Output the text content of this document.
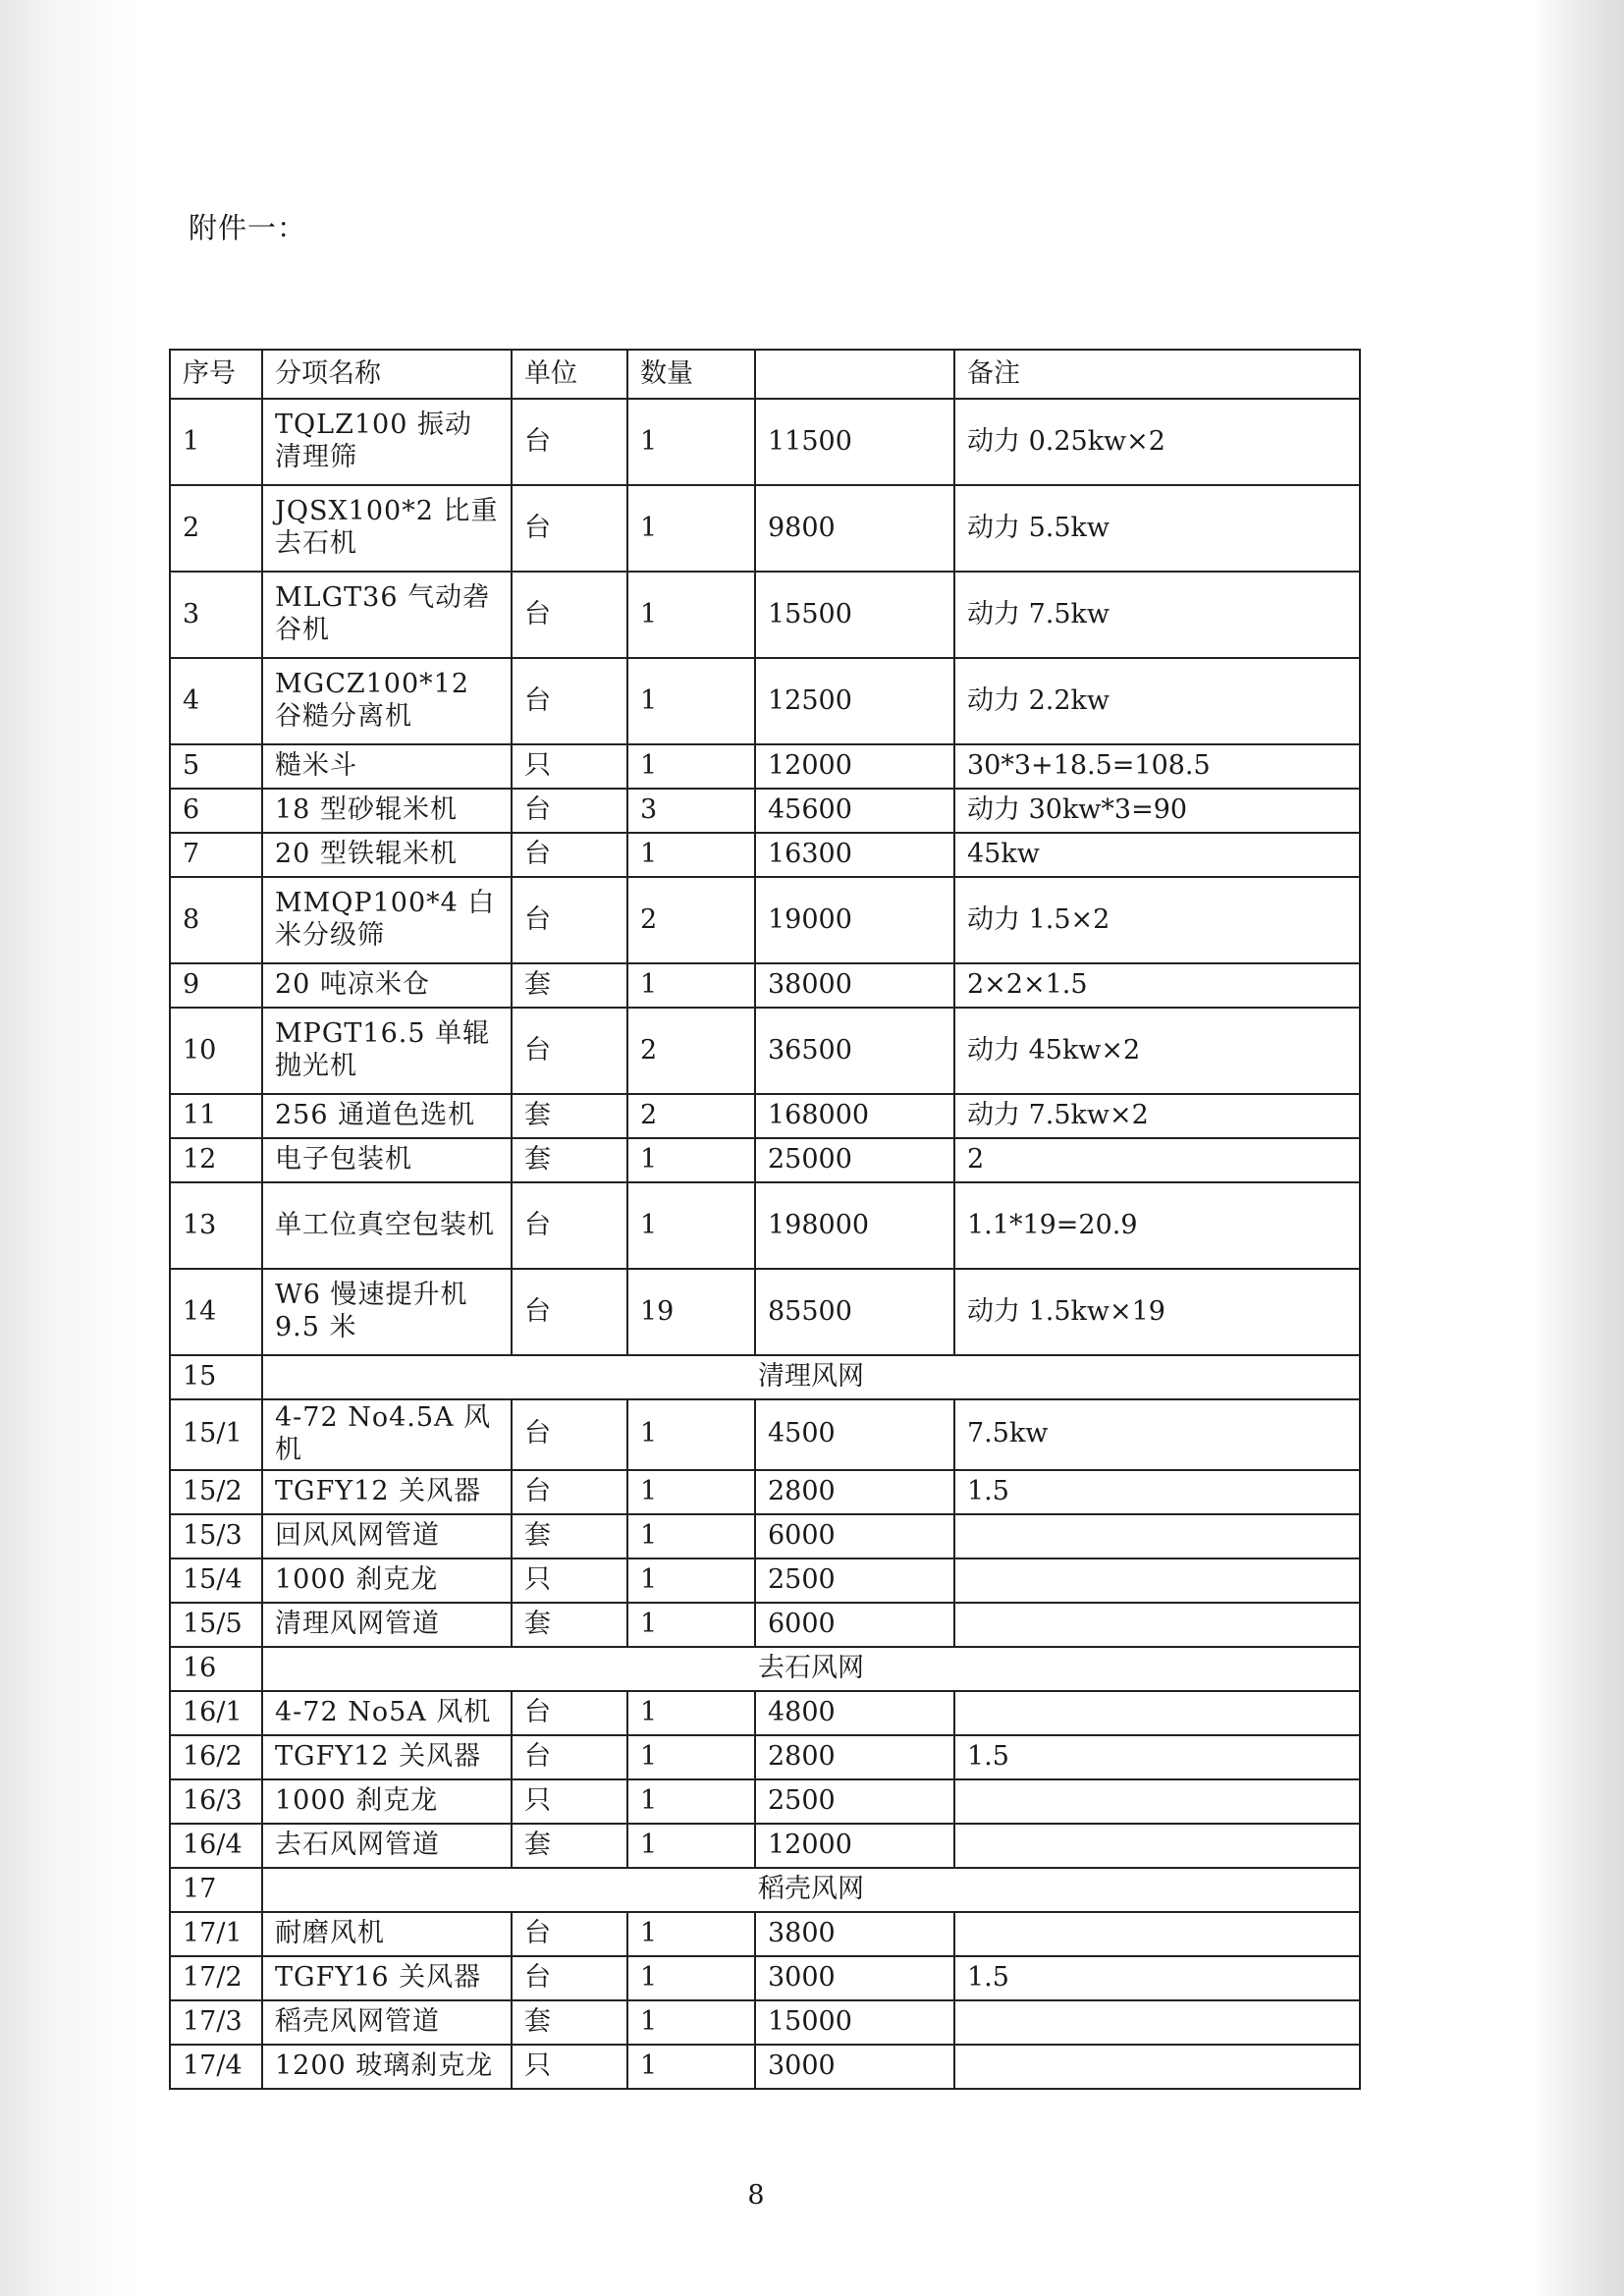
附件一：
序号	分项名称	单位	数量		备注
1	TQLZ100 振动清理筛	台	1	11500	动力 0.25kw×2
2	JQSX100*2 比重去石机	台	1	9800	动力 5.5kw
3	MLGT36 气动砻谷机	台	1	15500	动力 7.5kw
4	MGCZ100*12 谷糙分离机	台	1	12500	动力 2.2kw
5	糙米斗	只	1	12000	30*3+18.5=108.5
6	18 型砂辊米机	台	3	45600	动力 30kw*3=90
7	20 型铁辊米机	台	1	16300	45kw
8	MMQP100*4 白米分级筛	台	2	19000	动力 1.5×2
9	20 吨凉米仓	套	1	38000	2×2×1.5
10	MPGT16.5 单辊抛光机	台	2	36500	动力 45kw×2
11	256 通道色选机	套	2	168000	动力 7.5kw×2
12	电子包装机	套	1	25000	2
13	单工位真空包装机	台	1	198000	1.1*19=20.9
14	W6 慢速提升机 9.5 米	台	19	85500	动力 1.5kw×19
15	清理风网				
15/1	4-72 No4.5A 风机	台	1	4500	7.5kw
15/2	TGFY12 关风器	台	1	2800	1.5
15/3	回风风网管道	套	1	6000	
15/4	1000 刹克龙	只	1	2500	
15/5	清理风网管道	套	1	6000	
16	去石风网				
16/1	4-72 No5A 风机	台	1	4800	
16/2	TGFY12 关风器	台	1	2800	1.5
16/3	1000 刹克龙	只	1	2500	
16/4	去石风网管道	套	1	12000	
17	稻壳风网				
17/1	耐磨风机	台	1	3800	
17/2	TGFY16 关风器	台	1	3000	1.5
17/3	稻壳风网管道	套	1	15000	
17/4	1200 玻璃刹克龙	只	1	3000	
8
